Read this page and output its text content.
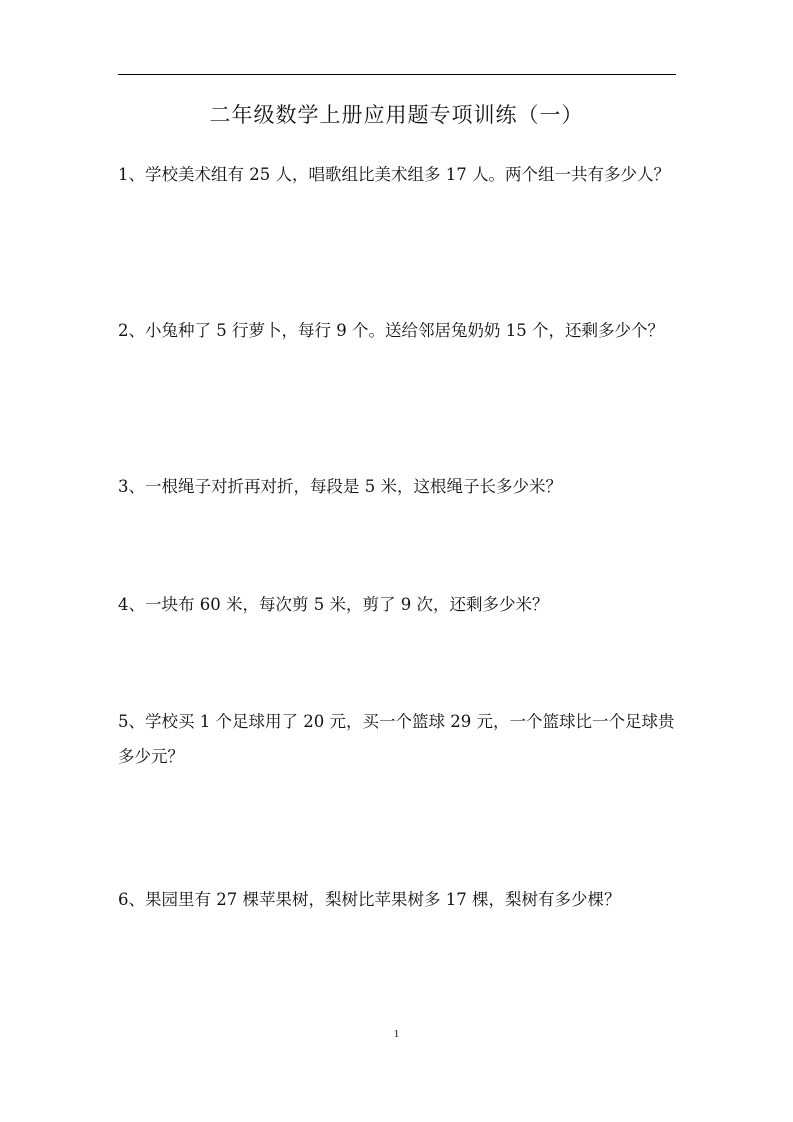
二年级数学上册应用题专项训练（一）

1、学校美术组有 25 人，唱歌组比美术组多 17 人。两个组一共有多少人？

2、小兔种了 5 行萝卜，每行 9 个。送给邻居兔奶奶 15 个，还剩多少个？

3、一根绳子对折再对折，每段是 5 米，这根绳子长多少米？

4、一块布 60 米，每次剪 5 米，剪了 9 次，还剩多少米？

5、学校买 1 个足球用了 20 元，买一个篮球 29 元，一个篮球比一个足球贵多少元？

6、果园里有 27 棵苹果树，梨树比苹果树多 17 棵，梨树有多少棵？

1
